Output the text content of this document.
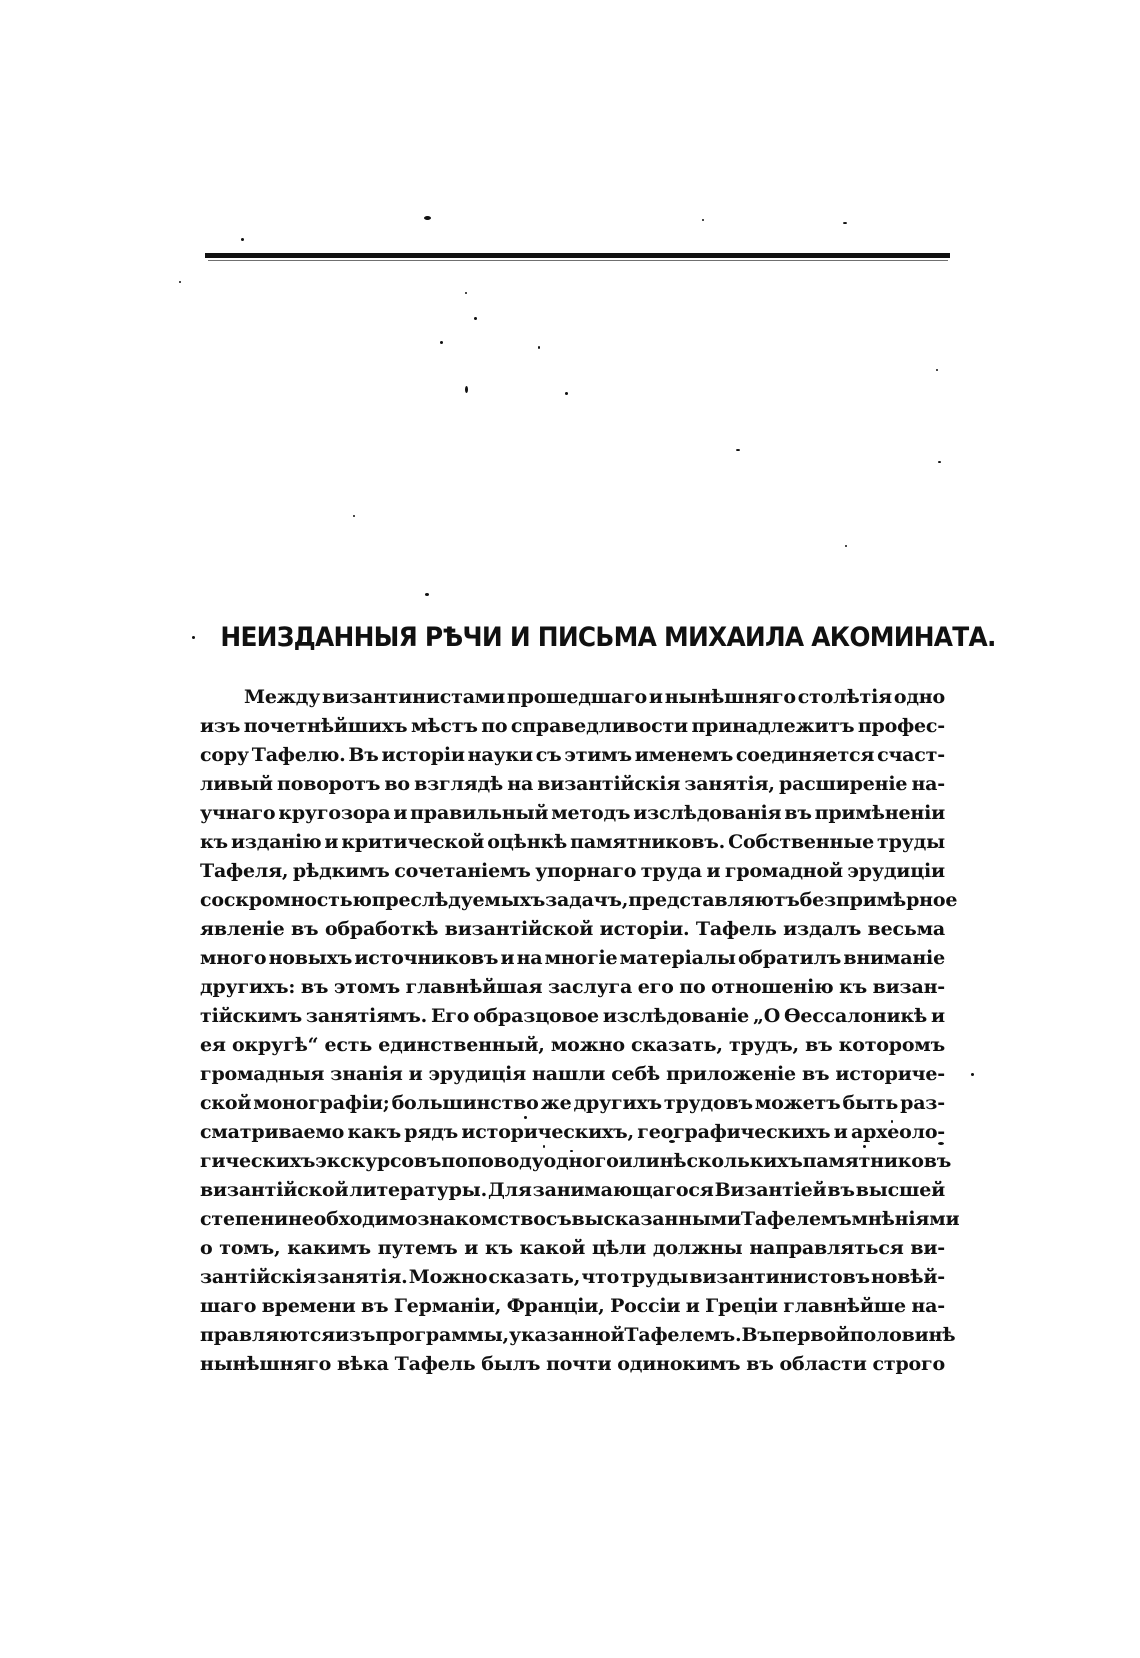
НЕИЗДАННЫЯ РѢЧИ И ПИСЬМА МИХАИЛА АКОМИНАТА.
Между византинистами прошедшаго и нынѣшняго столѣтія одно
изъ почетнѣйшихъ мѣстъ по справедливости принадлежитъ профес-
сору Тафелю. Въ исторіи науки съ этимъ именемъ соединяется счаст-
ливый поворотъ во взглядѣ на византійскія занятія, расширеніе на-
учнаго кругозора и правильный методъ изслѣдованія въ примѣненіи
къ изданію и критической оцѣнкѣ памятниковъ. Собственные труды
Тафеля, рѣдкимъ сочетаніемъ упорнаго труда и громадной эрудиціи
со скромностью преслѣдуемыхъ задачъ, представляютъ безпримѣрное
явленіе въ обработкѣ византійской исторіи. Тафель издалъ весьма
много новыхъ источниковъ и на многіе матеріалы обратилъ вниманіе
другихъ: въ этомъ главнѣйшая заслуга его по отношенію къ визан-
тійскимъ занятіямъ. Его образцовое изслѣдованіе „О Өессалоникѣ и
ея округѣ“ есть единственный, можно сказать, трудъ, въ которомъ
громадныя знанія и эрудиція нашли себѣ приложеніе въ историче-
ской монографіи; большинство же другихъ трудовъ можетъ быть раз-
сматриваемо какъ рядъ историческихъ, географическихъ и археоло-
гическихъ экскурсовъ по поводу одного или нѣсколькихъ памятниковъ
византійской литературы. Для занимающагося Византіей въ высшей
степени необходимо знакомство съ высказанными Тафелемъ мнѣніями
о томъ, какимъ путемъ и къ какой цѣли должны направляться ви-
зантійскія занятія. Можно сказать, что труды византинистовъ новѣй-
шаго времени въ Германіи, Франціи, Россіи и Греціи главнѣйше на-
правляются изъ программы, указанной Тафелемъ. Въ первой половинѣ
нынѣшняго вѣка Тафель былъ почти одинокимъ въ области строго
